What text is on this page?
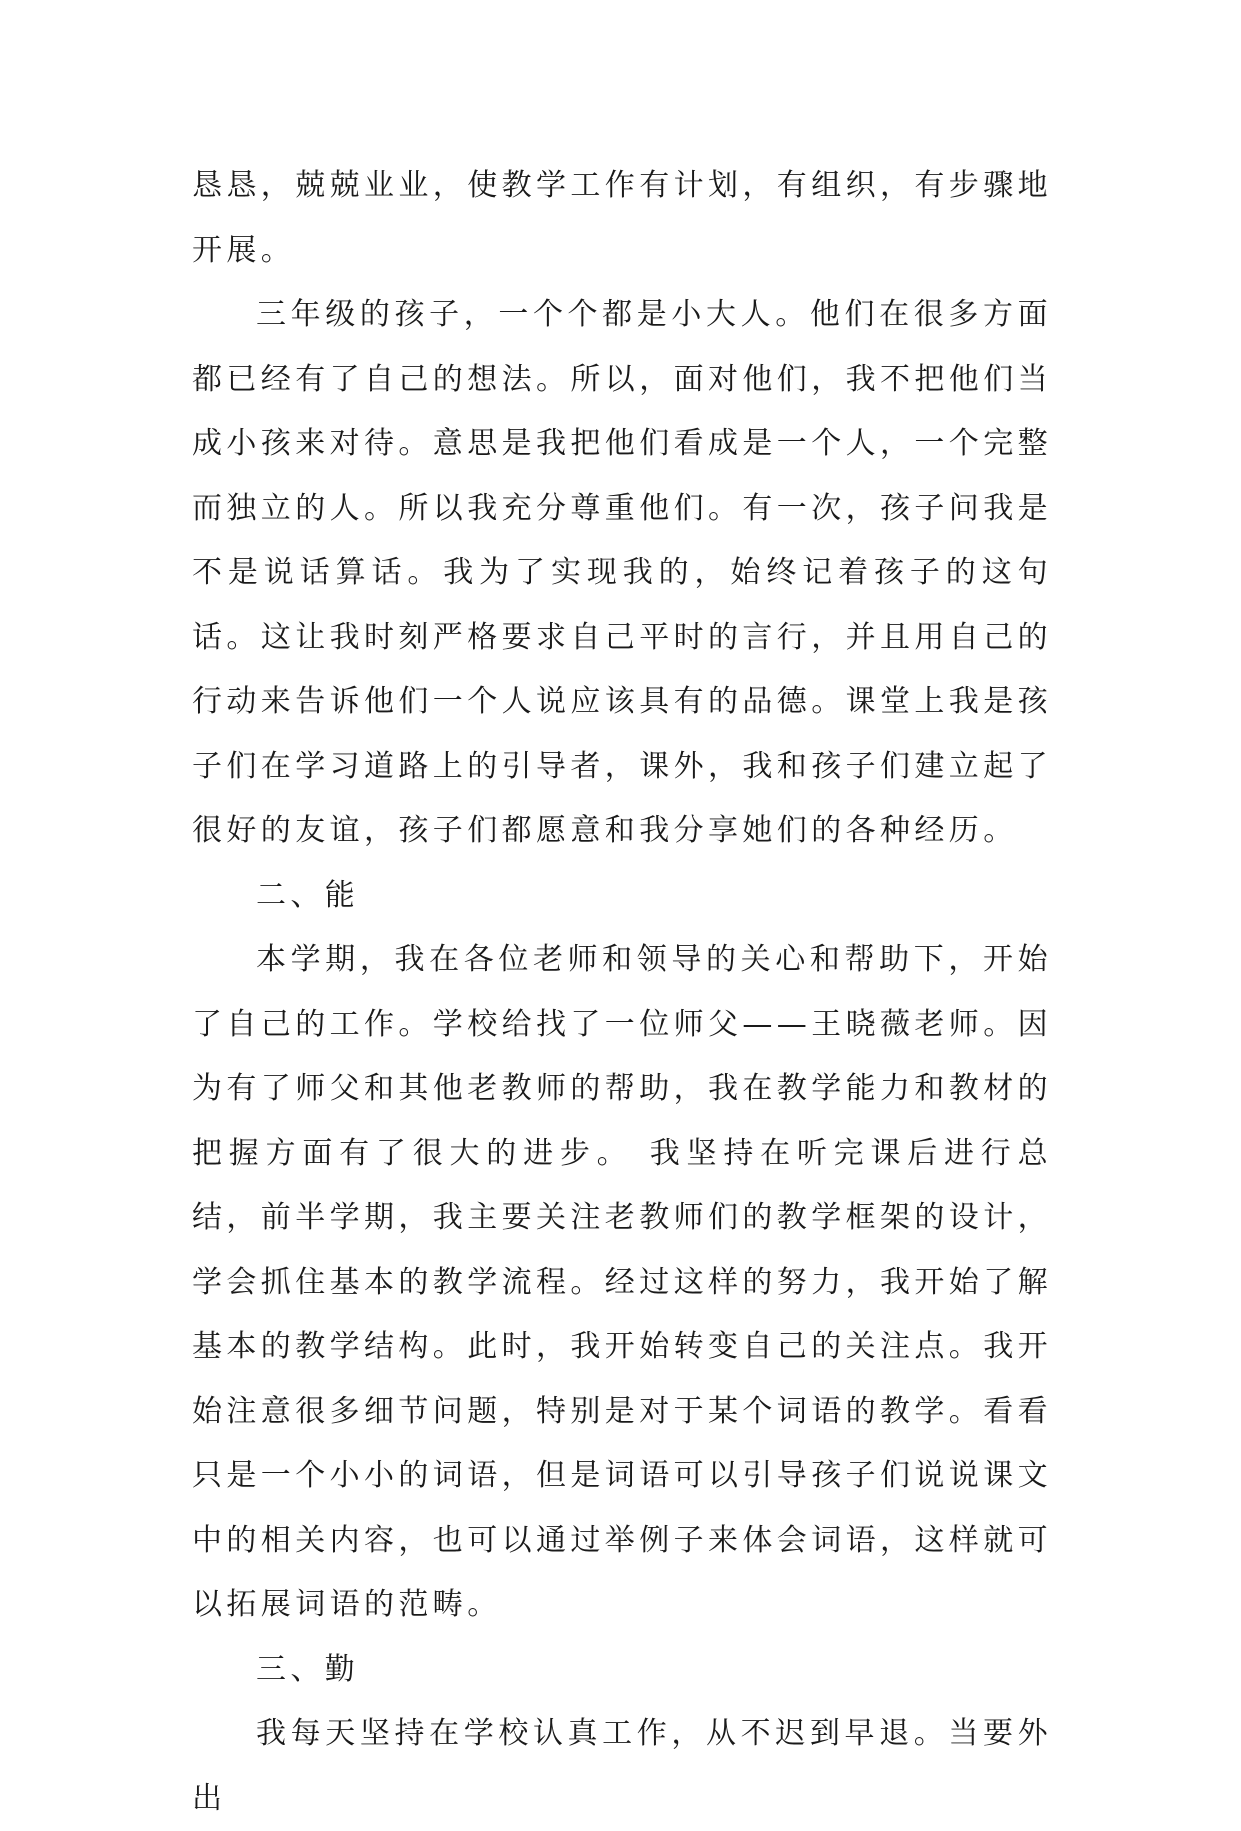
恳恳，兢兢业业，使教学工作有计划，有组织，有步骤地开展。

三年级的孩子，一个个都是小大人。他们在很多方面都已经有了自己的想法。所以，面对他们，我不把他们当成小孩来对待。意思是我把他们看成是一个人，一个完整而独立的人。所以我充分尊重他们。有一次，孩子问我是不是说话算话。我为了实现我的，始终记着孩子的这句话。这让我时刻严格要求自己平时的言行，并且用自己的行动来告诉他们一个人说应该具有的品德。课堂上我是孩子们在学习道路上的引导者，课外，我和孩子们建立起了很好的友谊，孩子们都愿意和我分享她们的各种经历。

二、能

本学期，我在各位老师和领导的关心和帮助下，开始了自己的工作。学校给找了一位师父——王晓薇老师。因为有了师父和其他老教师的帮助，我在教学能力和教材的把握方面有了很大的进步。 我坚持在听完课后进行总结，前半学期，我主要关注老教师们的教学框架的设计，学会抓住基本的教学流程。经过这样的努力，我开始了解基本的教学结构。此时，我开始转变自己的关注点。我开始注意很多细节问题，特别是对于某个词语的教学。看看只是一个小小的词语，但是词语可以引导孩子们说说课文中的相关内容，也可以通过举例子来体会词语，这样就可以拓展词语的范畴。

三、勤

我每天坚持在学校认真工作，从不迟到早退。当要外出
